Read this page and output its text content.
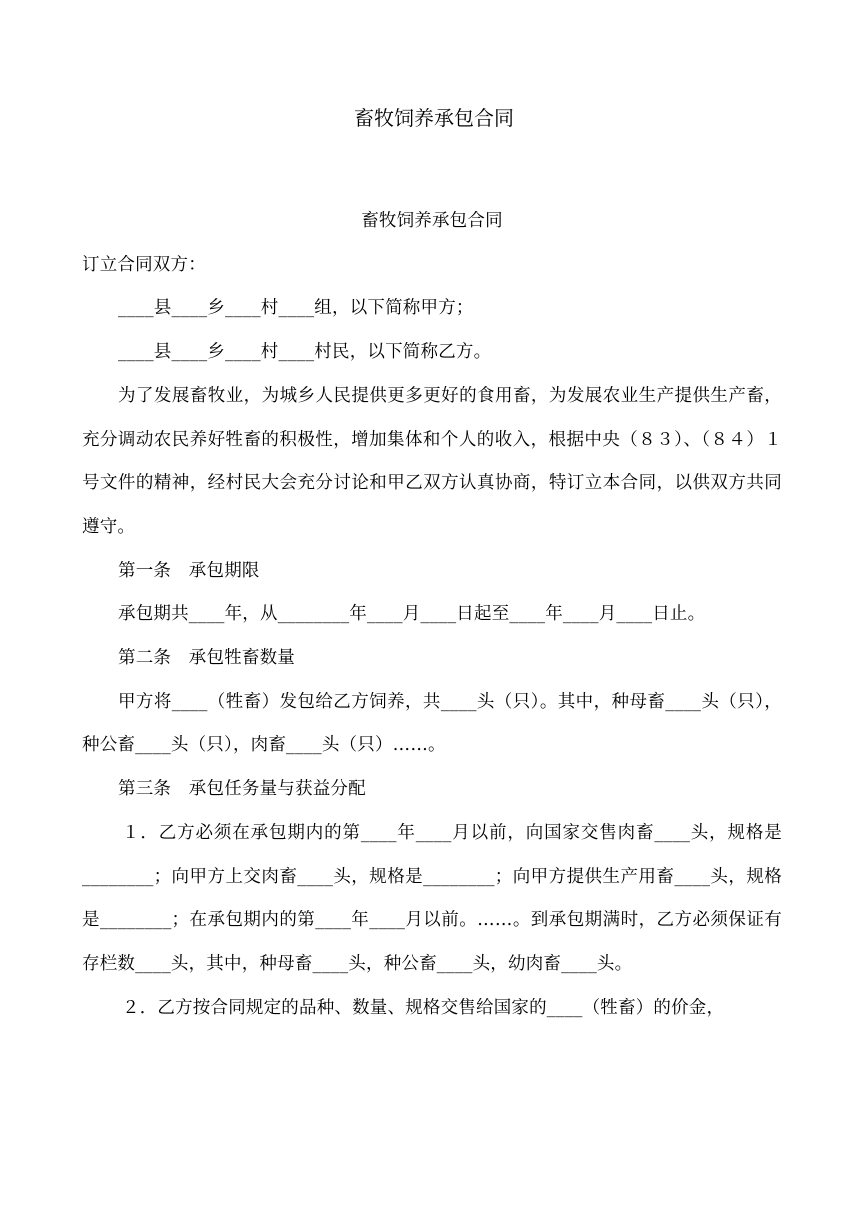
畜牧饲养承包合同

畜牧饲养承包合同

订立合同双方：

____县____乡____村____组，以下简称甲方；

____县____乡____村____村民，以下简称乙方。

为了发展畜牧业，为城乡人民提供更多更好的食用畜，为发展农业生产提供生产畜，充分调动农民养好牲畜的积极性，增加集体和个人的收入，根据中央（８３）、（８４）１号文件的精神，经村民大会充分讨论和甲乙双方认真协商，特订立本合同，以供双方共同遵守。

第一条　承包期限

承包期共____年，从________年____月____日起至____年____月____日止。

第二条　承包牲畜数量

甲方将____（牲畜）发包给乙方饲养，共____头（只）。其中，种母畜____头（只），种公畜____头（只），肉畜____头（只）……。

第三条　承包任务量与获益分配

１．乙方必须在承包期内的第____年____月以前，向国家交售肉畜____头，规格是________；向甲方上交肉畜____头，规格是________；向甲方提供生产用畜____头，规格是________；在承包期内的第____年____月以前。……。到承包期满时，乙方必须保证有存栏数____头，其中，种母畜____头，种公畜____头，幼肉畜____头。

２．乙方按合同规定的品种、数量、规格交售给国家的____（牲畜）的价金，
